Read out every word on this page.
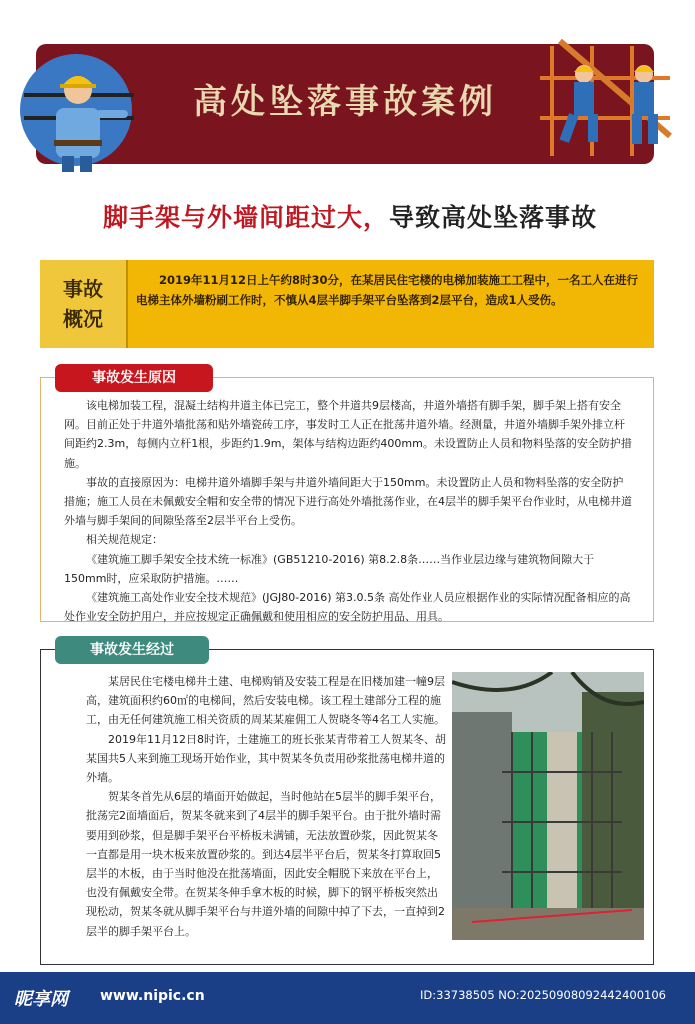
高处坠落事故案例
脚手架与外墙间距过大，导致高处坠落事故
事故
概况
2019年11月12日上午约8时30分，在某居民住宅楼的电梯加装施工工程中，一名工人在进行电梯主体外墙粉刷工作时，不慎从4层半脚手架平台坠落到2层平台，造成1人受伤。
事故发生原因

该电梯加装工程，混凝土结构井道主体已完工，整个井道共9层楼高，井道外墙搭有脚手架，脚手架上搭有安全网。目前正处于井道外墙批荡和贴外墙瓷砖工序，事发时工人正在批荡井道外墙。经测量，井道外墙脚手架外排立杆间距约2.3m，每侧内立杆1根，步距约1.9m，架体与结构边距约400mm。未设置防止人员和物料坠落的安全防护措施。

事故的直接原因为：电梯井道外墙脚手架与井道外墙间距大于150mm。未设置防止人员和物料坠落的安全防护措施；施工人员在未佩戴安全帽和安全带的情况下进行高处外墙批荡作业，在4层半的脚手架平台作业时，从电梯井道外墙与脚手架间的间隙坠落至2层半平台上受伤。

相关规范规定：

《建筑施工脚手架安全技术统一标准》(GB51210-2016) 第8.2.8条……当作业层边缘与建筑物间隙大于150mm时，应采取防护措施。……

《建筑施工高处作业安全技术规范》(JGJ80-2016) 第3.0.5条 高处作业人员应根据作业的实际情况配备相应的高处作业安全防护用户，并应按规定正确佩戴和使用相应的安全防护用品、用具。

事故发生经过

某居民住宅楼电梯井土建、电梯购销及安装工程是在旧楼加建一幢9层高，建筑面积约60㎡的电梯间，然后安装电梯。该工程土建部分工程的施工，由无任何建筑施工相关资质的周某某雇佣工人贺晓冬等4名工人实施。

2019年11月12日8时许，土建施工的班长张某青带着工人贺某冬、胡某国共5人来到施工现场开始作业，其中贺某冬负责用砂浆批荡电梯井道的外墙。

贺某冬首先从6层的墙面开始做起，当时他站在5层半的脚手架平台，批荡完2面墙面后，贺某冬就来到了4层半的脚手架平台。由于批外墙时需要用到砂浆，但是脚手架平台平桥板未满铺，无法放置砂浆，因此贺某冬一直都是用一块木板来放置砂浆的。到达4层半平台后，贺某冬打算取回5层半的木板，由于当时他没在批荡墙面，因此安全帽脱下来放在平台上，也没有佩戴安全带。在贺某冬伸手拿木板的时候，脚下的钢平桥板突然出现松动，贺某冬就从脚手架平台与井道外墙的间隙中掉了下去，一直掉到2层半的脚手架平台上。

昵享网 www.nipic.cn	ID:33738505 NO:20250908092442400106
